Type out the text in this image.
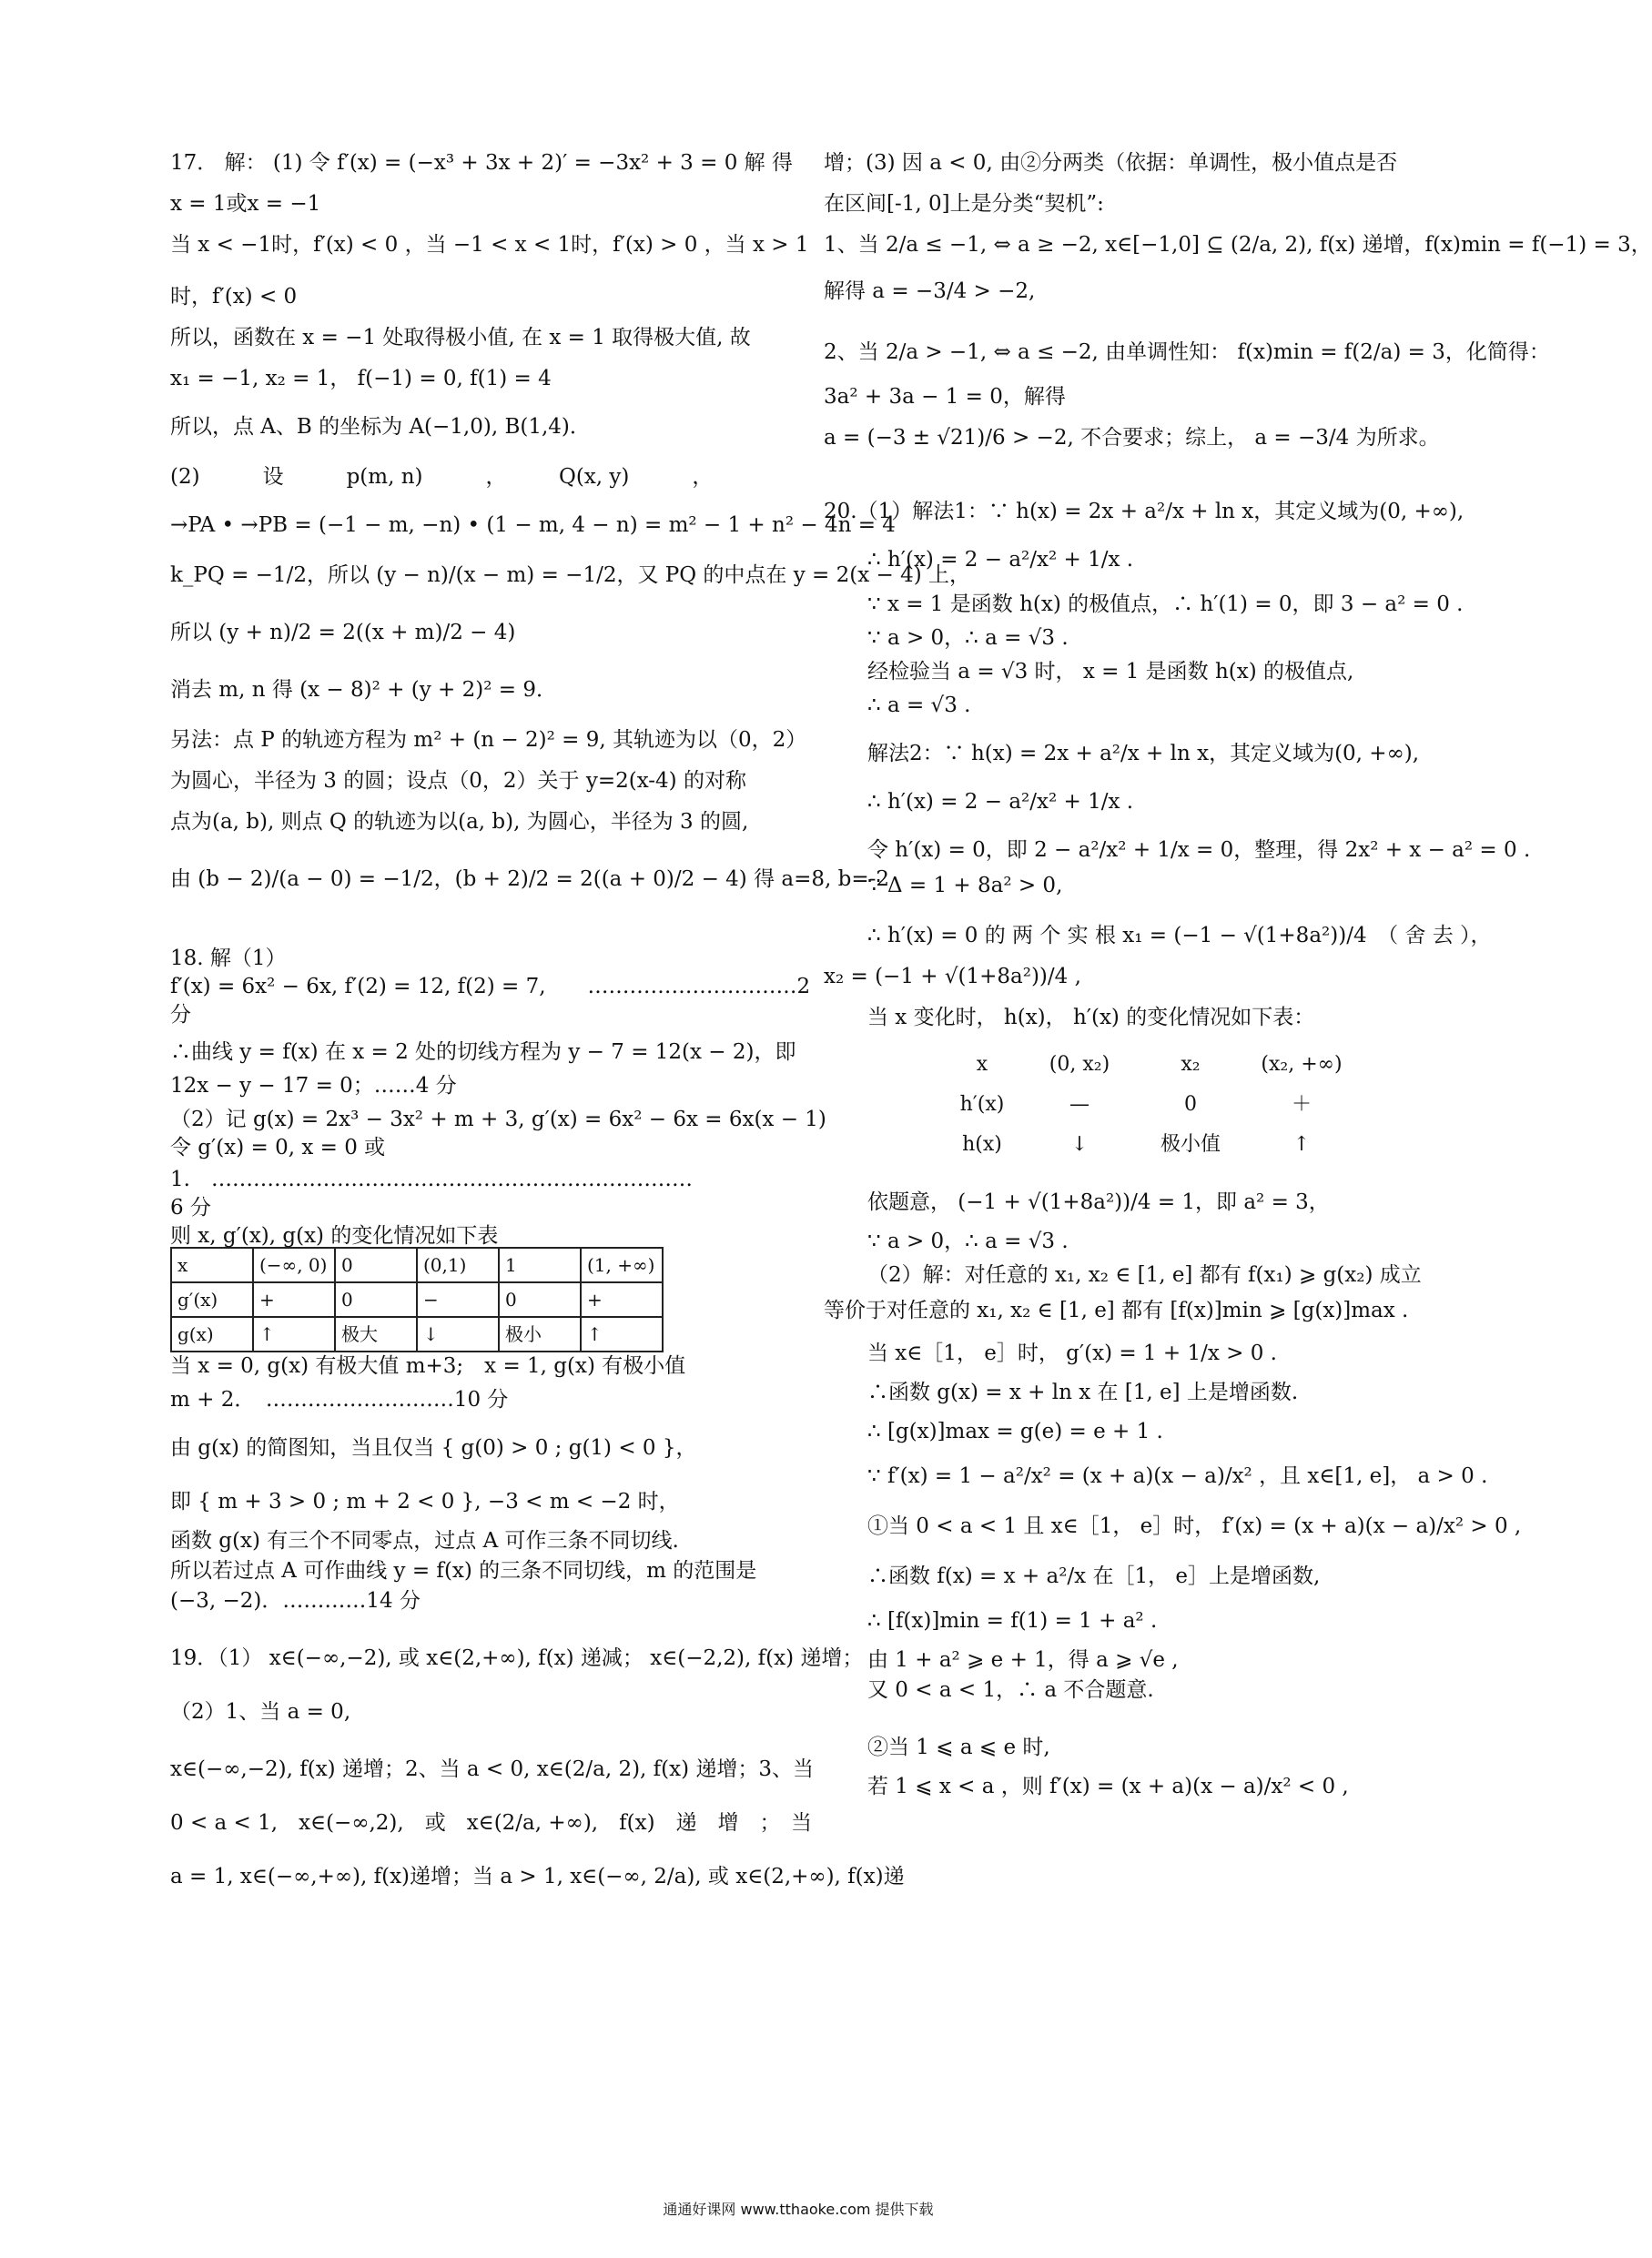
17． 解： (1) 令 f′(x) = (−x³ + 3x + 2)′ = −3x² + 3 = 0 解 得

x = 1或x = −1

当 x < −1时，f′(x) < 0 ，当 −1 < x < 1时，f′(x) > 0 ，当 x > 1

时，f′(x) < 0

所以，函数在 x = −1 处取得极小值, 在 x = 1 取得极大值, 故

x₁ = −1, x₂ = 1， f(−1) = 0, f(1) = 4

所以，点 A、B 的坐标为 A(−1,0), B(1,4)．

(2)　　　设　　　p(m, n)　　　，　　　Q(x, y)　　　，

→PA • →PB = (−1 − m, −n) • (1 − m, 4 − n) = m² − 1 + n² − 4n = 4

k_PQ = −1/2，所以 (y − n)/(x − m) = −1/2，又 PQ 的中点在 y = 2(x − 4) 上，

所以 (y + n)/2 = 2((x + m)/2 − 4)

消去 m, n 得 (x − 8)² + (y + 2)² = 9．

另法：点 P 的轨迹方程为 m² + (n − 2)² = 9, 其轨迹为以（0，2）

为圆心，半径为 3 的圆；设点（0，2）关于 y=2(x-4) 的对称

点为(a, b), 则点 Q 的轨迹为以(a, b), 为圆心，半径为 3 的圆,

由 (b − 2)/(a − 0) = −1/2，(b + 2)/2 = 2((a + 0)/2 − 4) 得 a=8, b=-2

18. 解（1）

f′(x) = 6x² − 6x, f′(2) = 12, f(2) = 7,　　…………………………2

分

∴曲线 y = f(x) 在 x = 2 处的切线方程为 y − 7 = 12(x − 2)，即

12x − y − 17 = 0；……4 分

（2）记 g(x) = 2x³ − 3x² + m + 3, g′(x) = 6x² − 6x = 6x(x − 1)

令 g′(x) = 0, x = 0 或

1.　……………………………………………………………

6 分

则 x, g′(x), g(x) 的变化情况如下表

x	(−∞, 0)	0	(0,1)	1	(1, +∞)
g′(x)	+	0	−	0	+
g(x)	↑	极大	↓	极小	↑

当 x = 0, g(x) 有极大值 m+3;　x = 1, g(x) 有极小值

m + 2．　………………………10 分

由 g(x) 的简图知，当且仅当 { g(0) > 0 ; g(1) < 0 }，

即 { m + 3 > 0 ; m + 2 < 0 }, −3 < m < −2 时，

函数 g(x) 有三个不同零点，过点 A 可作三条不同切线.

所以若过点 A 可作曲线 y = f(x) 的三条不同切线，m 的范围是

(−3, −2)．…………14 分

19．（1） x∈(−∞,−2), 或 x∈(2,+∞), f(x) 递减； x∈(−2,2), f(x) 递增；

（2）1、当 a = 0,

x∈(−∞,−2), f(x) 递增；2、当 a < 0, x∈(2/a, 2), f(x) 递增；3、当

0 < a < 1,　x∈(−∞,2),　或　x∈(2/a, +∞),　f(x)　递　增　；　当

a = 1, x∈(−∞,+∞), f(x)递增；当 a > 1, x∈(−∞, 2/a), 或 x∈(2,+∞), f(x)递

增；(3) 因 a < 0, 由②分两类（依据：单调性，极小值点是否

在区间[-1, 0]上是分类“契机”:

1、当 2/a ≤ −1, ⇔ a ≥ −2, x∈[−1,0] ⊆ (2/a, 2), f(x) 递增，f(x)min = f(−1) = 3，

解得 a = −3/4 > −2,

2、当 2/a > −1, ⇔ a ≤ −2, 由单调性知： f(x)min = f(2/a) = 3，化简得：

3a² + 3a − 1 = 0，解得

a = (−3 ± √21)/6 > −2, 不合要求；综上， a = −3/4 为所求。

20.（1）解法1：∵ h(x) = 2x + a²/x + ln x，其定义域为(0, +∞),

∴ h′(x) = 2 − a²/x² + 1/x .

∵ x = 1 是函数 h(x) 的极值点，∴ h′(1) = 0，即 3 − a² = 0 .

∵ a > 0，∴ a = √3 .

经检验当 a = √3 时， x = 1 是函数 h(x) 的极值点,

∴ a = √3 .

解法2：∵ h(x) = 2x + a²/x + ln x，其定义域为(0, +∞),

∴ h′(x) = 2 − a²/x² + 1/x .

令 h′(x) = 0，即 2 − a²/x² + 1/x = 0，整理，得 2x² + x − a² = 0 .

∵ Δ = 1 + 8a² > 0,

∴ h′(x) = 0 的 两 个 实 根 x₁ = (−1 − √(1+8a²))/4　（ 舍 去 ），

x₂ = (−1 + √(1+8a²))/4 ,

当 x 变化时， h(x)， h′(x) 的变化情况如下表：

x	(0, x₂)	x₂	(x₂, +∞)
h′(x)	—	0	＋
h(x)	↓	极小值	↑

依题意， (−1 + √(1+8a²))/4 = 1，即 a² = 3，

∵ a > 0，∴ a = √3 .

（2）解：对任意的 x₁, x₂ ∈ [1, e] 都有 f(x₁) ⩾ g(x₂) 成立

等价于对任意的 x₁, x₂ ∈ [1, e] 都有 [f(x)]min ⩾ [g(x)]max .

当 x∈［1， e］时， g′(x) = 1 + 1/x > 0 .

∴函数 g(x) = x + ln x 在 [1, e] 上是增函数.

∴ [g(x)]max = g(e) = e + 1 .

∵ f′(x) = 1 − a²/x² = (x + a)(x − a)/x² ，且 x∈[1, e]， a > 0 .

①当 0 < a < 1 且 x∈［1， e］时， f′(x) = (x + a)(x − a)/x² > 0 ,

∴函数 f(x) = x + a²/x 在［1， e］上是增函数,

∴ [f(x)]min = f(1) = 1 + a² .

由 1 + a² ⩾ e + 1，得 a ⩾ √e ,

又 0 < a < 1，∴ a 不合题意.

②当 1 ⩽ a ⩽ e 时,

若 1 ⩽ x < a ，则 f′(x) = (x + a)(x − a)/x² < 0 ,

通通好课网 www.tthaoke.com 提供下载
